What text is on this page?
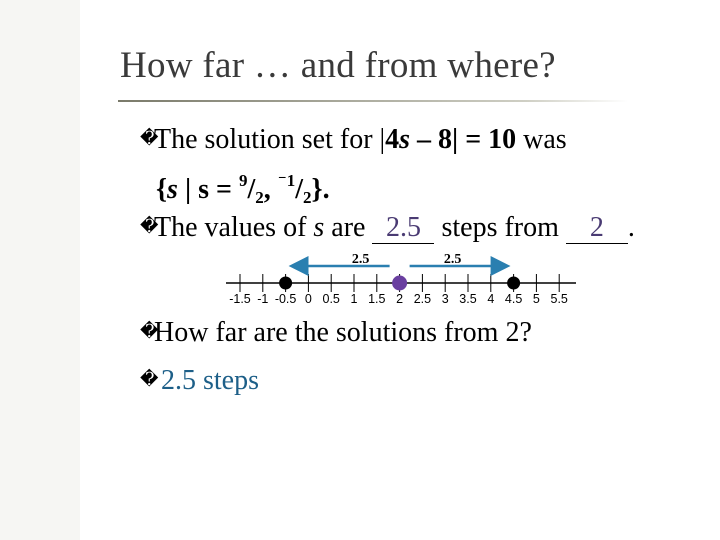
How far … and from where?
�The solution set for |4s – 8| = 10 was
{s | $s = ^9/_2$, $^{^-1}/_2$}.
�The values of s are 2.5 steps from 2 .
-1.5 -1 -0.5 0 0.5 1 1.5 2 2.5 3 3.5 4 4.5 5 5.5
2.5	2.5
�How far are the solutions from 2?
� 2.5 steps
